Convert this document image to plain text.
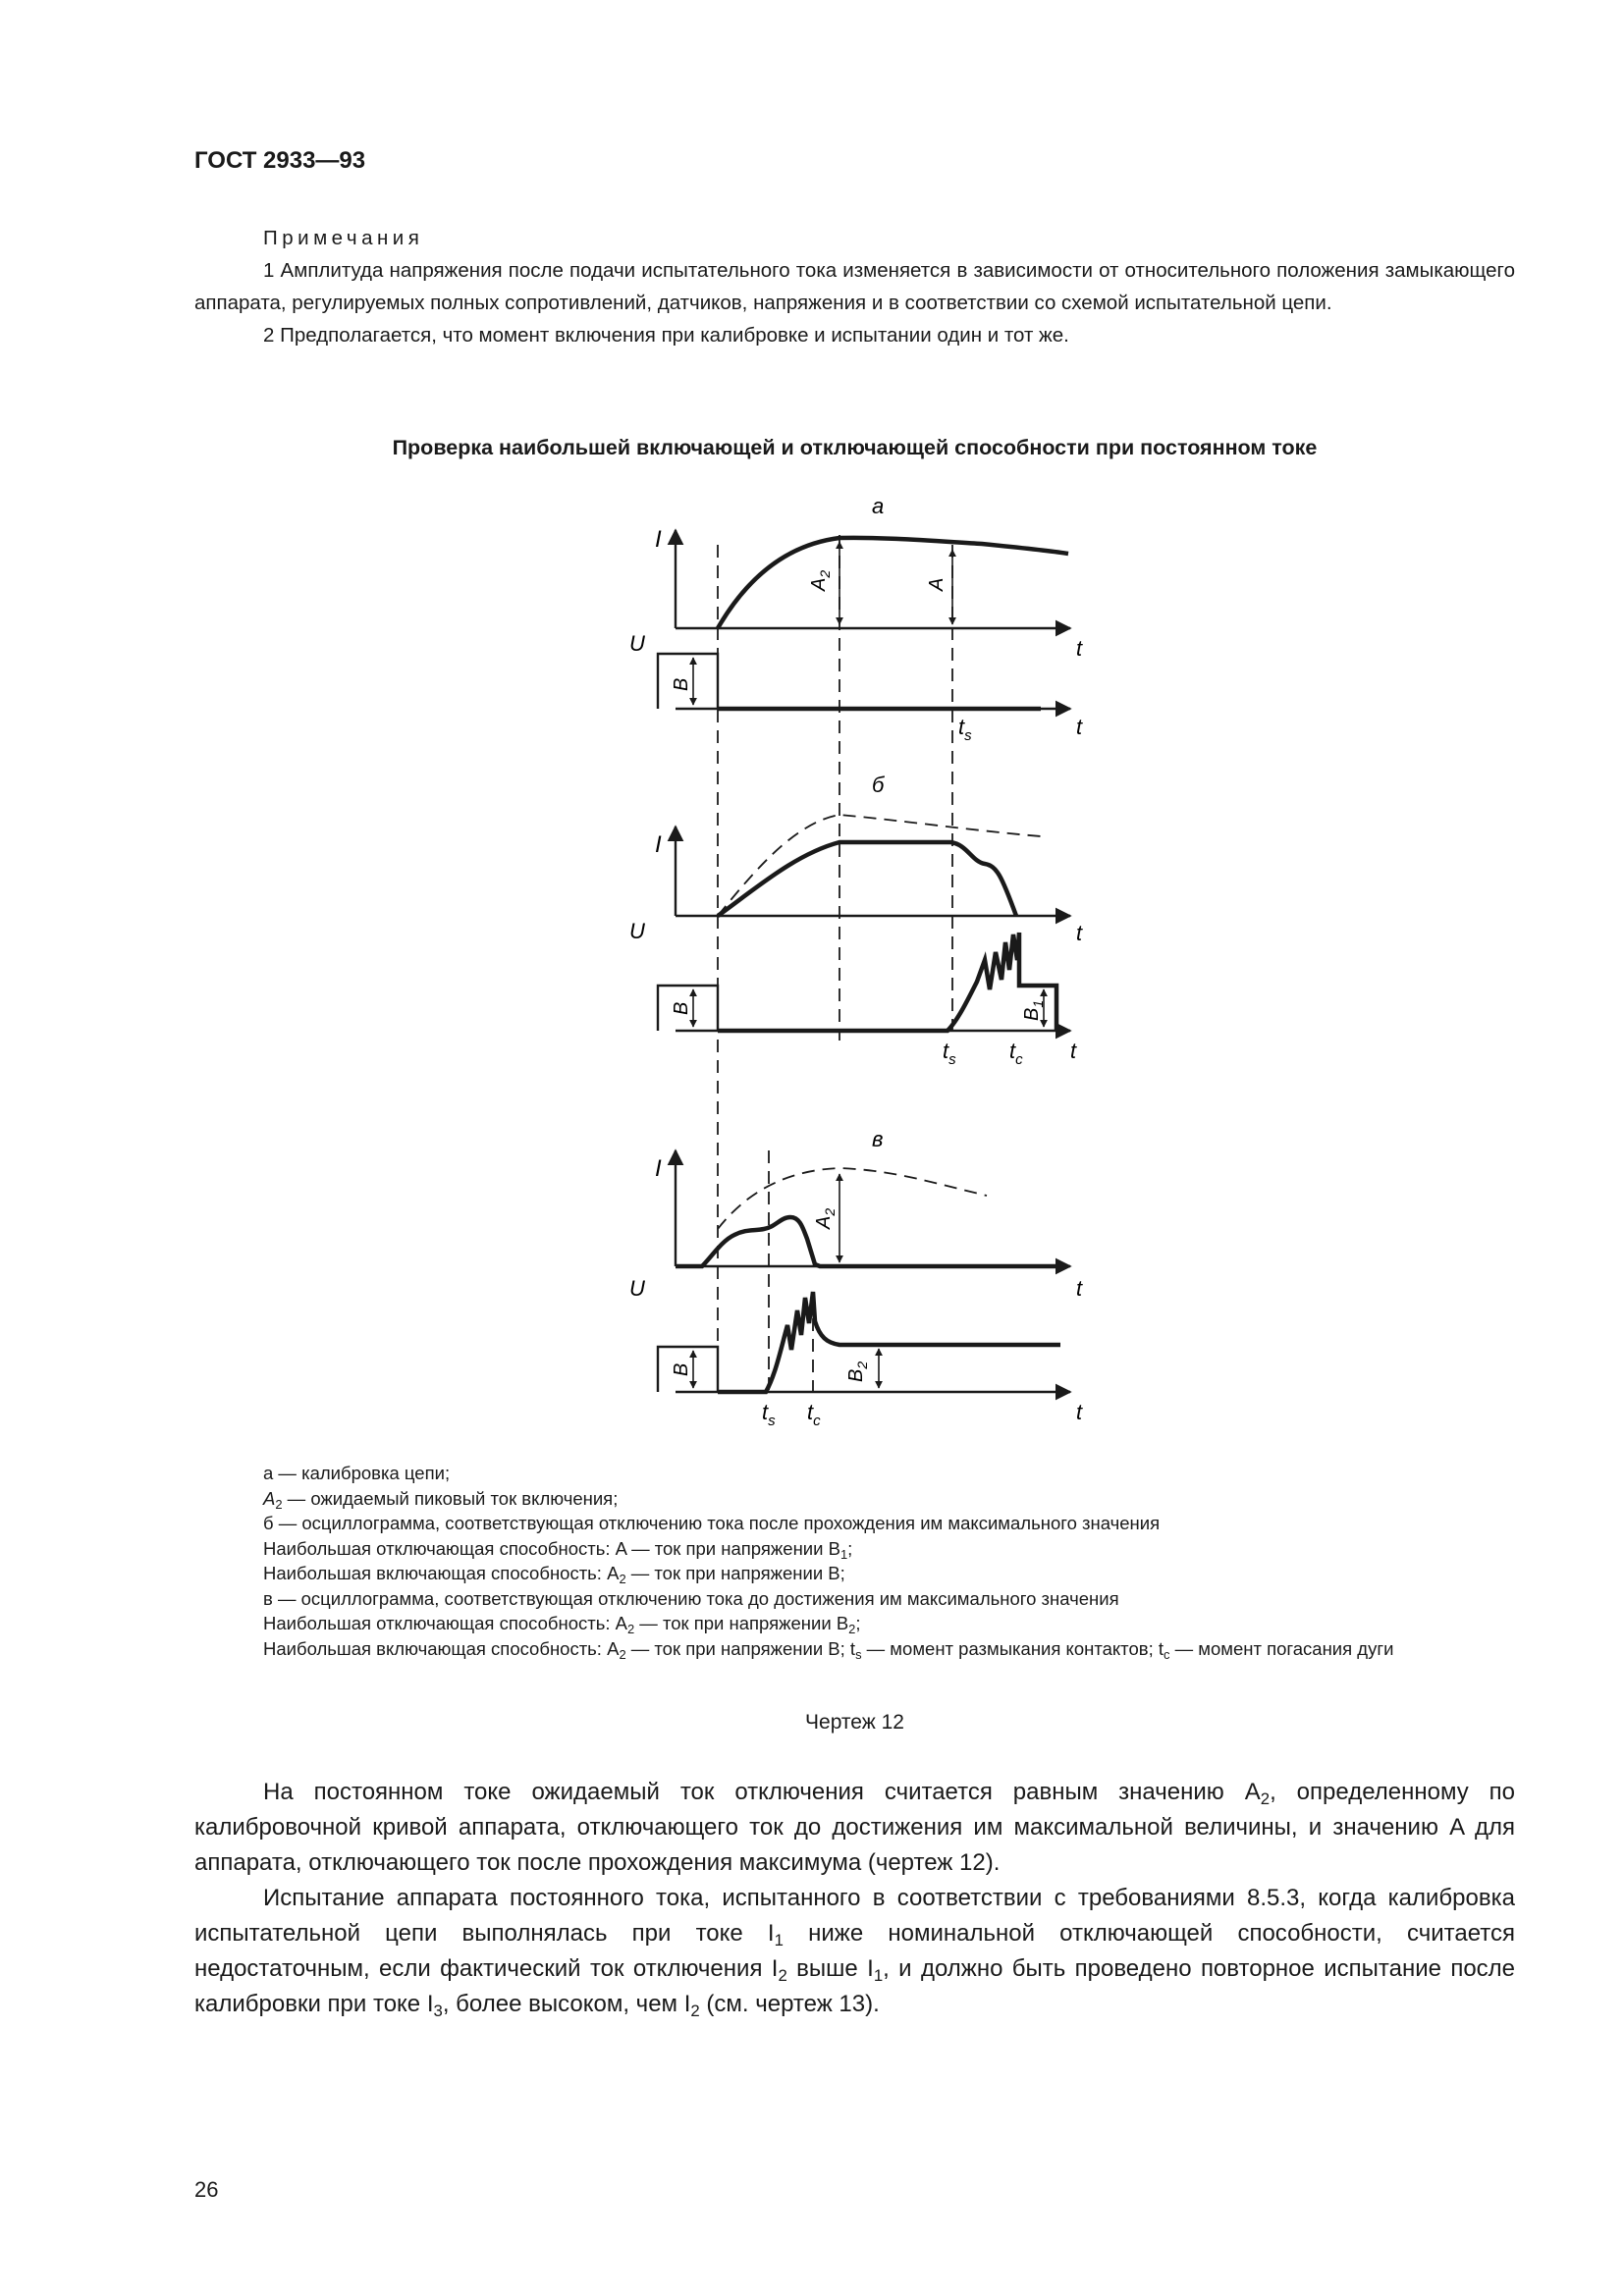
ГОСТ 2933—93

Примечания

1 Амплитуда напряжения после подачи испытательного тока изменяется в зависимости от относительного положения замыкающего аппарата, регулируемых полных сопротивлений, датчиков, напряжения и в соответствии со схемой испытательной цепи.

2 Предполагается, что момент включения при калибровке и испытании один и тот же.

Проверка наибольшей включающей и отключающей способности при постоянном токе
а
I
t
$A_2$
A
U
B
t
$t_s$
б
I
t
U
B	$B_1$
t
$t_s$ $t_c$
в
I
t
$A_2$
U
B	$B_2$
t
$t_s$ $t_c$
а — калибровка цепи;
$A_2$ — ожидаемый пиковый ток включения;
б — осциллограмма, соответствующая отключению тока после прохождения им максимального значения
Наибольшая отключающая способность: A — ток при напряжении $B_1$;
Наибольшая включающая способность: $A_2$ — ток при напряжении B;
в — осциллограмма, соответствующая отключению тока до достижения им максимального значения
Наибольшая отключающая способность: $A_2$ — ток при напряжении $B_2$;
Наибольшая включающая способность: $A_2$ — ток при напряжении B; $t_s$ — момент размыкания контактов; $t_c$ — момент погасания дуги
Чертеж 12

На постоянном токе ожидаемый ток отключения считается равным значению $A_2$, определенному по калибровочной кривой аппарата, отключающего ток до достижения им максимальной величины, и значению A для аппарата, отключающего ток после прохождения максимума (чертеж 12).

Испытание аппарата постоянного тока, испытанного в соответствии с требованиями 8.5.3, когда калибровка испытательной цепи выполнялась при токе $I_1$ ниже номинальной отключающей способности, считается недостаточным, если фактический ток отключения $I_2$ выше $I_1$, и должно быть проведено повторное испытание после калибровки при токе $I_3$, более высоком, чем $I_2$ (см. чертеж 13).

26
